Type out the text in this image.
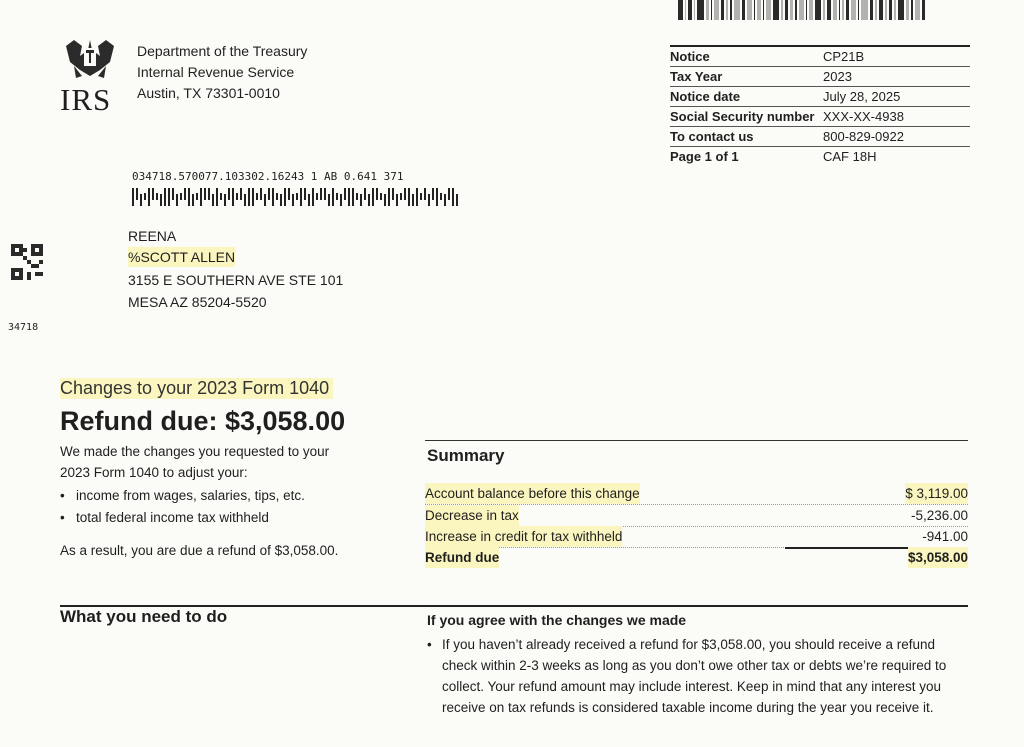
IRS
Department of the Treasury
Internal Revenue Service
Austin, TX 73301-0010
Notice	CP21B
Tax Year	2023
Notice date	July 28, 2025
Social Security number XXX-XX-4938
To contact us	800-829-0922
Page 1 of 1	CAF 18H
034718.570077.103302.16243 1 AB 0.641 371
REENA
%SCOTT ALLEN
3155 E SOUTHERN AVE STE 101
MESA AZ 85204-5520
34718
Changes to your 2023 Form 1040
Refund due: $3,058.00
We made the changes you requested to your
2023 Form 1040 to adjust your:
• income from wages, salaries, tips, etc.
• total federal income tax withheld
As a result, you are due a refund of $3,058.00.
Summary
Account balance before this change	$ 3,119.00
Decrease in tax	-5,236.00
Increase in credit for tax withheld	-941.00
Refund due	$3,058.00
What you need to do	If you agree with the changes we made
• If you haven’t already received a refund for $3,058.00, you should receive a refund check within 2-3 weeks as long as you don’t owe other tax or debts we’re required to collect. Your refund amount may include interest. Keep in mind that any interest you receive on tax refunds is considered taxable income during the year you receive it.
